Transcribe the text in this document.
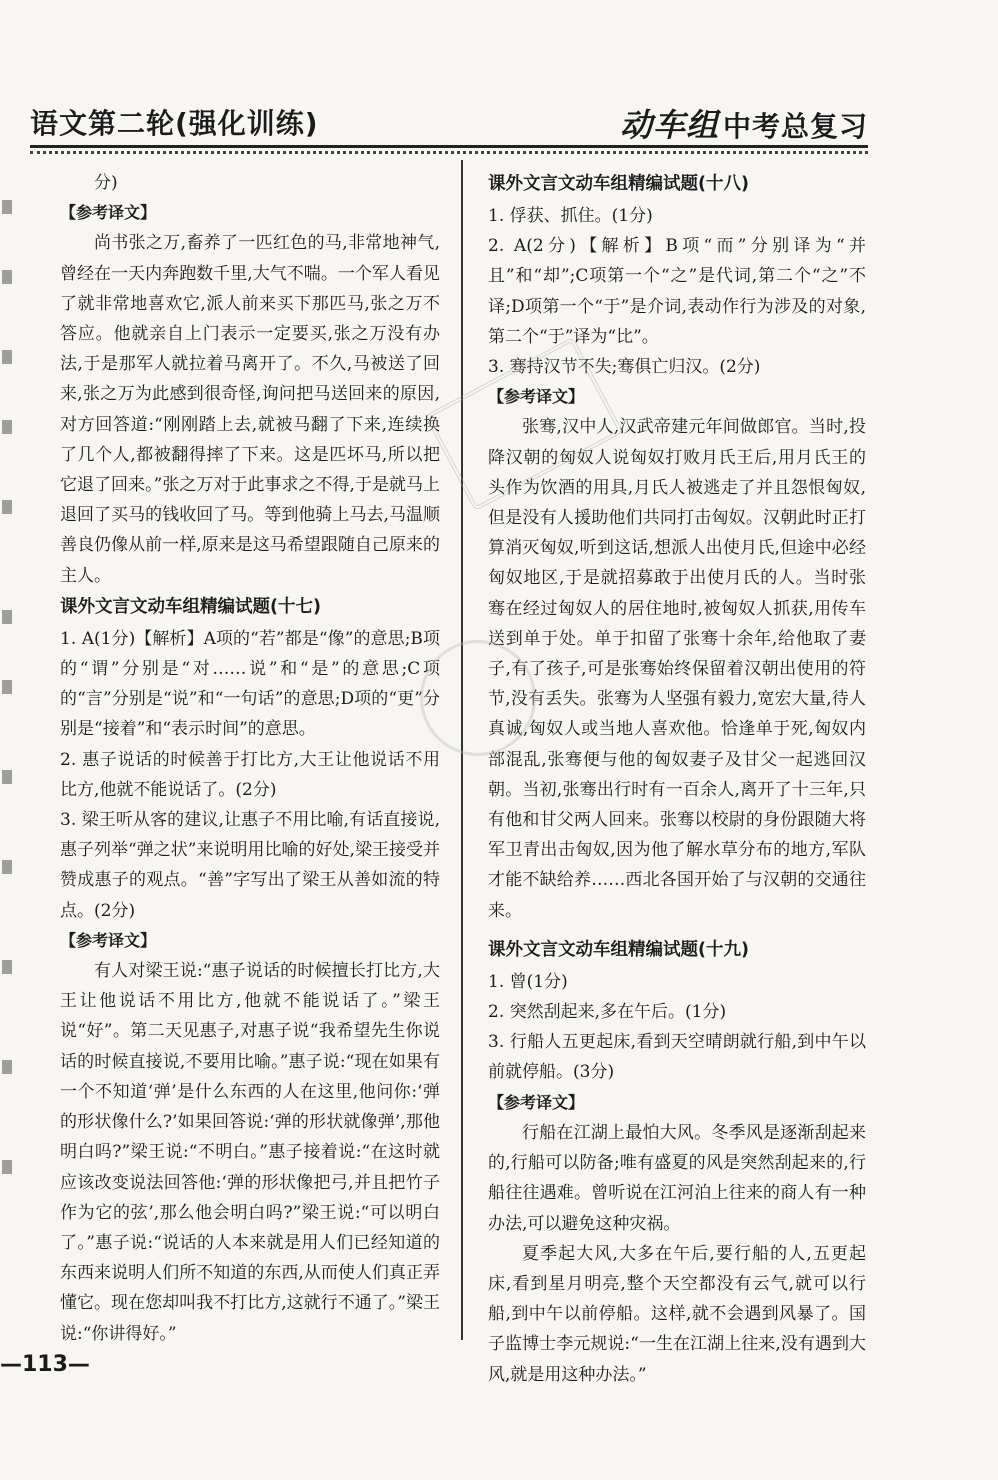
语文第二轮(强化训练)	动车组 中考总复习

分)

【参考译文】

尚书张之万,畜养了一匹红色的马,非常地神气,曾经在一天内奔跑数千里,大气不喘。一个军人看见了就非常地喜欢它,派人前来买下那匹马,张之万不答应。他就亲自上门表示一定要买,张之万没有办法,于是那军人就拉着马离开了。不久,马被送了回来,张之万为此感到很奇怪,询问把马送回来的原因,对方回答道:“刚刚踏上去,就被马翻了下来,连续换了几个人,都被翻得摔了下来。这是匹坏马,所以把它退了回来。”张之万对于此事求之不得,于是就马上退回了买马的钱收回了马。等到他骑上马去,马温顺善良仍像从前一样,原来是这马希望跟随自己原来的主人。

课外文言文动车组精编试题(十七)

1. A(1分)【解析】A项的“若”都是“像”的意思;B项的“谓”分别是“对……说”和“是”的意思;C项的“言”分别是“说”和“一句话”的意思;D项的“更”分别是“接着”和“表示时间”的意思。

2. 惠子说话的时候善于打比方,大王让他说话不用比方,他就不能说话了。(2分)

3. 梁王听从客的建议,让惠子不用比喻,有话直接说,惠子列举“弹之状”来说明用比喻的好处,梁王接受并赞成惠子的观点。“善”字写出了梁王从善如流的特点。(2分)

【参考译文】

有人对梁王说:“惠子说话的时候擅长打比方,大王让他说话不用比方,他就不能说话了。”梁王说“好”。第二天见惠子,对惠子说“我希望先生你说话的时候直接说,不要用比喻。”惠子说:“现在如果有一个不知道‘弹’是什么东西的人在这里,他问你:‘弹的形状像什么?’如果回答说:‘弹的形状就像弹’,那他明白吗?”梁王说:“不明白。”惠子接着说:“在这时就应该改变说法回答他:‘弹的形状像把弓,并且把竹子作为它的弦’,那么他会明白吗?”梁王说:“可以明白了。”惠子说:“说话的人本来就是用人们已经知道的东西来说明人们所不知道的东西,从而使人们真正弄懂它。现在您却叫我不打比方,这就行不通了。”梁王说:“你讲得好。”

课外文言文动车组精编试题(十八)

1. 俘获、抓住。(1分)

2. A(2分)【解析】B项“而”分别译为“并且”和“却”;C项第一个“之”是代词,第二个“之”不译;D项第一个“于”是介词,表动作行为涉及的对象,第二个“于”译为“比”。

3. 骞持汉节不失;骞俱亡归汉。(2分)

【参考译文】

张骞,汉中人,汉武帝建元年间做郎官。当时,投降汉朝的匈奴人说匈奴打败月氏王后,用月氏王的头作为饮酒的用具,月氏人被逃走了并且怨恨匈奴,但是没有人援助他们共同打击匈奴。汉朝此时正打算消灭匈奴,听到这话,想派人出使月氏,但途中必经匈奴地区,于是就招募敢于出使月氏的人。当时张骞在经过匈奴人的居住地时,被匈奴人抓获,用传车送到单于处。单于扣留了张骞十余年,给他取了妻子,有了孩子,可是张骞始终保留着汉朝出使用的符节,没有丢失。张骞为人坚强有毅力,宽宏大量,待人真诚,匈奴人或当地人喜欢他。恰逢单于死,匈奴内部混乱,张骞便与他的匈奴妻子及甘父一起逃回汉朝。当初,张骞出行时有一百余人,离开了十三年,只有他和甘父两人回来。张骞以校尉的身份跟随大将军卫青出击匈奴,因为他了解水草分布的地方,军队才能不缺给养……西北各国开始了与汉朝的交通往来。

课外文言文动车组精编试题(十九)

1. 曾(1分)

2. 突然刮起来,多在午后。(1分)

3. 行船人五更起床,看到天空晴朗就行船,到中午以前就停船。(3分)

【参考译文】

行船在江湖上最怕大风。冬季风是逐渐刮起来的,行船可以防备;唯有盛夏的风是突然刮起来的,行船往往遇难。曾听说在江河泊上往来的商人有一种办法,可以避免这种灾祸。

夏季起大风,大多在午后,要行船的人,五更起床,看到星月明亮,整个天空都没有云气,就可以行船,到中午以前停船。这样,就不会遇到风暴了。国子监博士李元规说:“一生在江湖上往来,没有遇到大风,就是用这种办法。”

—113—
